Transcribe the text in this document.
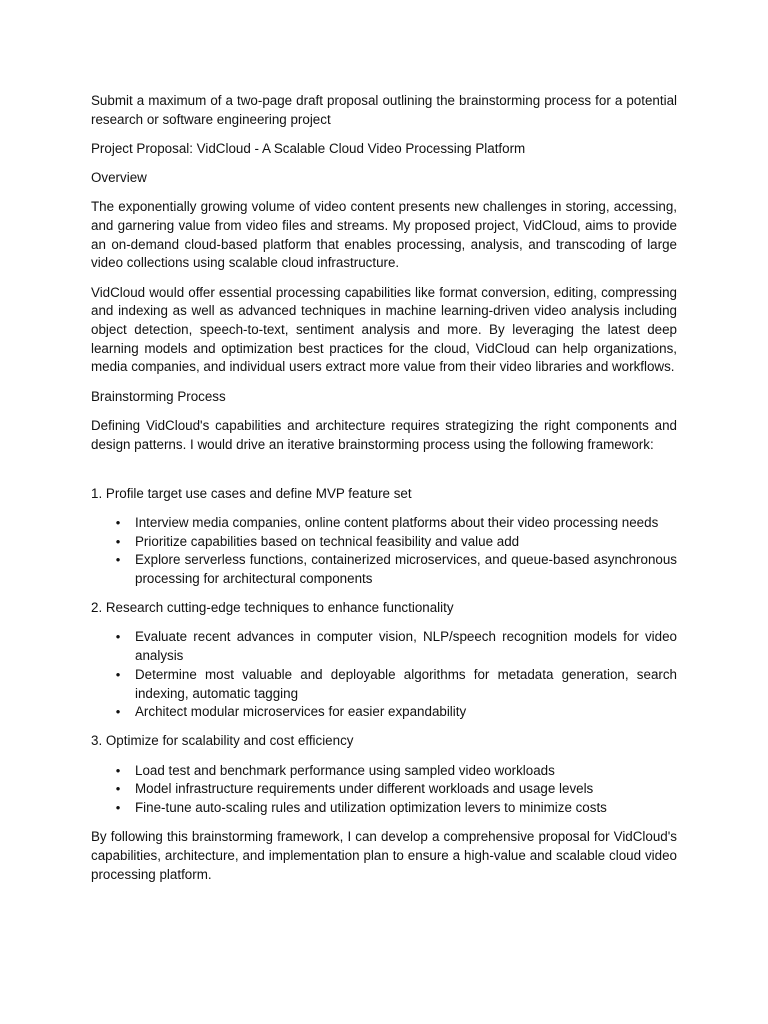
Submit a maximum of a two-page draft proposal outlining the brainstorming process for a potential research or software engineering project

Project Proposal: VidCloud - A Scalable Cloud Video Processing Platform

Overview

The exponentially growing volume of video content presents new challenges in storing, accessing, and garnering value from video files and streams. My proposed project, VidCloud, aims to provide an on-demand cloud-based platform that enables processing, analysis, and transcoding of large video collections using scalable cloud infrastructure.

VidCloud would offer essential processing capabilities like format conversion, editing, compressing and indexing as well as advanced techniques in machine learning-driven video analysis including object detection, speech-to-text, sentiment analysis and more. By leveraging the latest deep learning models and optimization best practices for the cloud, VidCloud can help organizations, media companies, and individual users extract more value from their video libraries and workflows.

Brainstorming Process

Defining VidCloud's capabilities and architecture requires strategizing the right components and design patterns. I would drive an iterative brainstorming process using the following framework:

1. Profile target use cases and define MVP feature set

• Interview media companies, online content platforms about their video processing needs
• Prioritize capabilities based on technical feasibility and value add
• Explore serverless functions, containerized microservices, and queue-based asynchronous processing for architectural components

2. Research cutting-edge techniques to enhance functionality

• Evaluate recent advances in computer vision, NLP/speech recognition models for video analysis
• Determine most valuable and deployable algorithms for metadata generation, search indexing, automatic tagging
• Architect modular microservices for easier expandability

3. Optimize for scalability and cost efficiency

• Load test and benchmark performance using sampled video workloads
• Model infrastructure requirements under different workloads and usage levels
• Fine-tune auto-scaling rules and utilization optimization levers to minimize costs

By following this brainstorming framework, I can develop a comprehensive proposal for VidCloud's capabilities, architecture, and implementation plan to ensure a high-value and scalable cloud video processing platform.
